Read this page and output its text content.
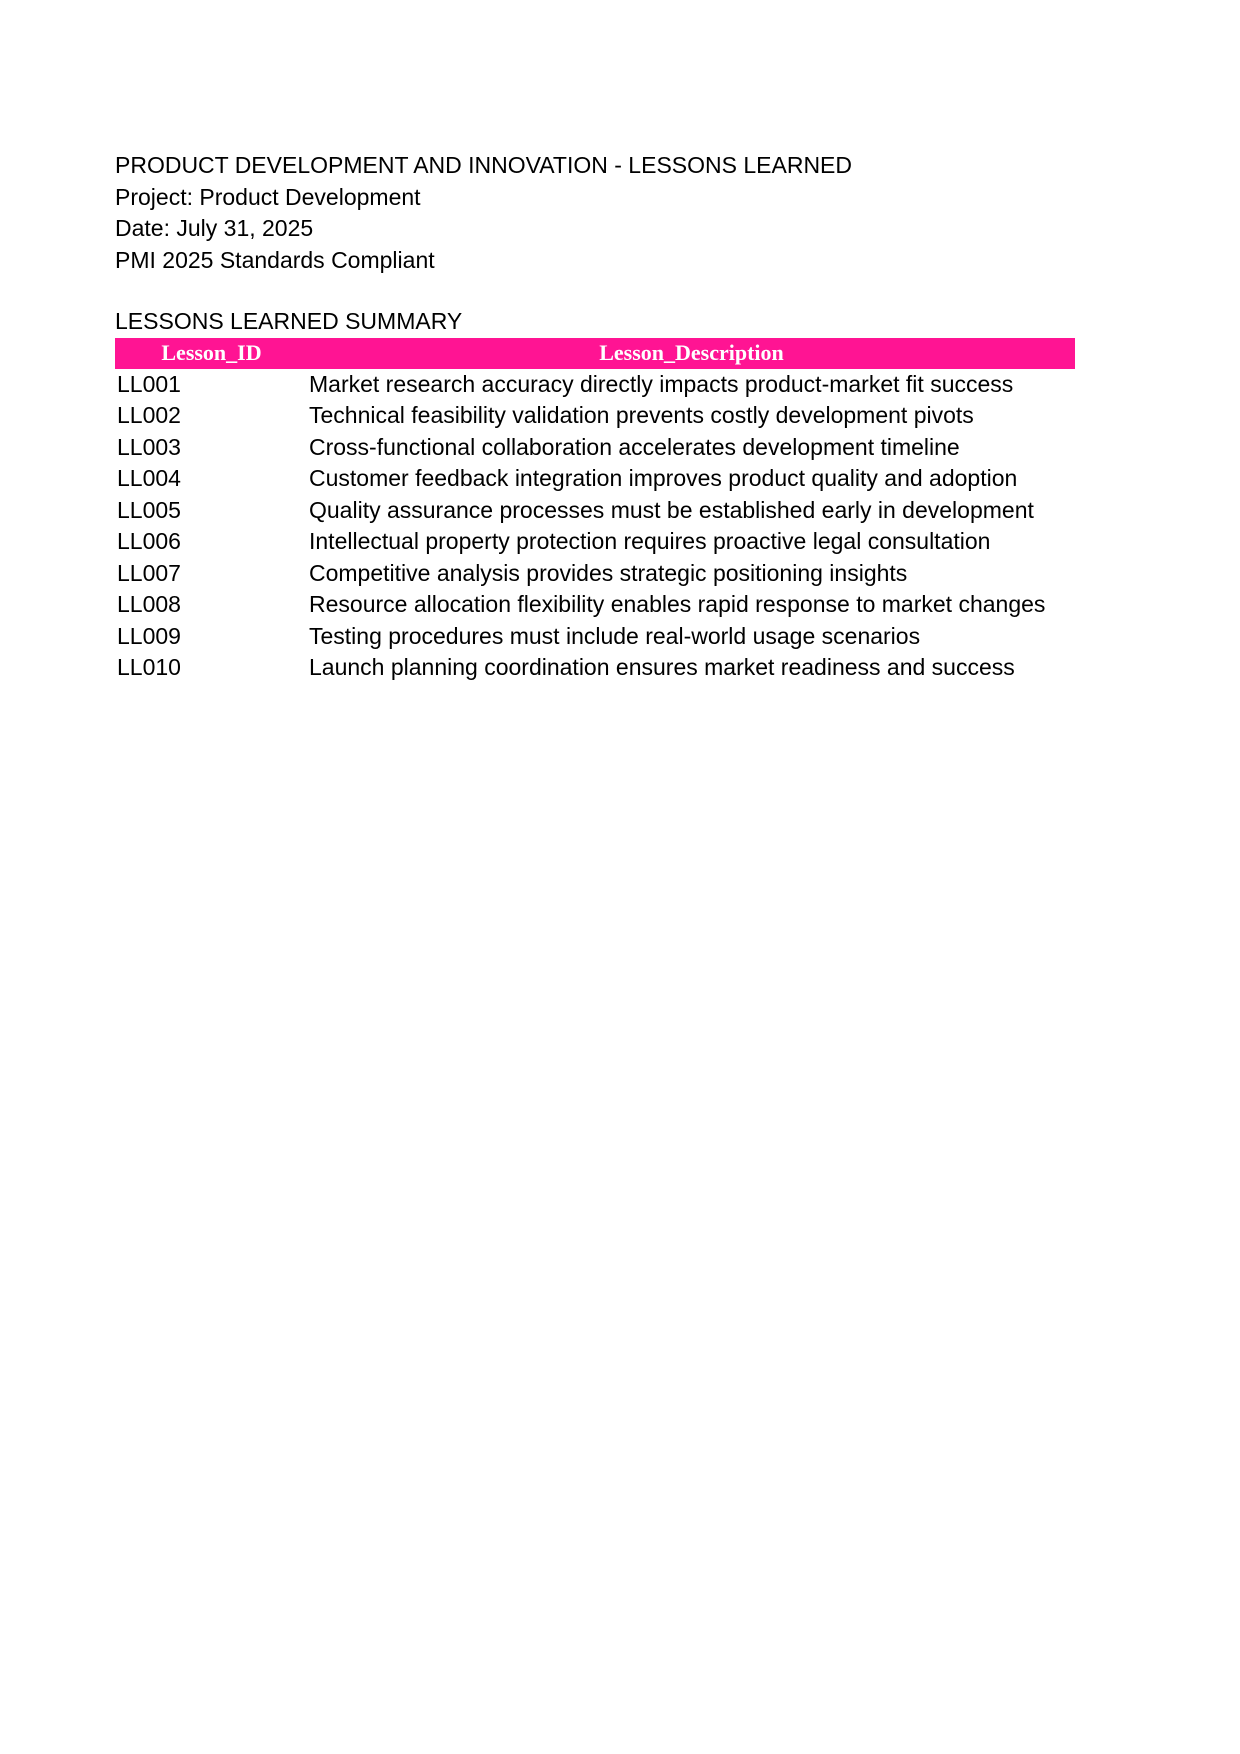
PRODUCT DEVELOPMENT AND INNOVATION - LESSONS LEARNED
Project: Product Development
Date: July 31, 2025
PMI 2025 Standards Compliant
LESSONS LEARNED SUMMARY
Lesson_ID	Lesson_Description
LL001	Market research accuracy directly impacts product-market fit success
LL002	Technical feasibility validation prevents costly development pivots
LL003	Cross-functional collaboration accelerates development timeline
LL004	Customer feedback integration improves product quality and adoption
LL005	Quality assurance processes must be established early in development
LL006	Intellectual property protection requires proactive legal consultation
LL007	Competitive analysis provides strategic positioning insights
LL008	Resource allocation flexibility enables rapid response to market changes
LL009	Testing procedures must include real-world usage scenarios
LL010	Launch planning coordination ensures market readiness and success
